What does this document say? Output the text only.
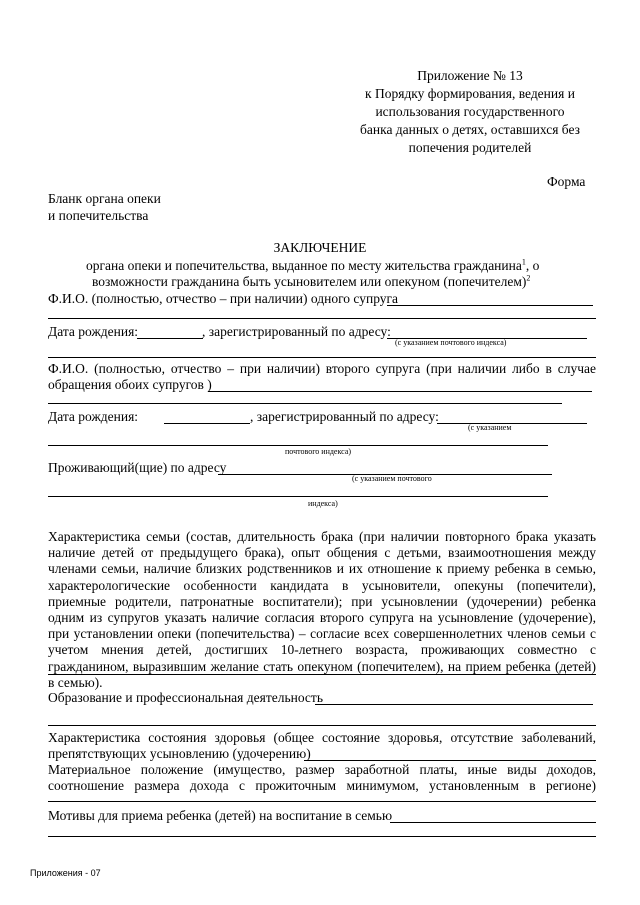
Приложение № 13
к Порядку формирования, ведения и
использования государственного
банка данных о детях, оставшихся без
попечения родителей
Форма
Бланк органа опеки
и попечительства
ЗАКЛЮЧЕНИЕ
органа опеки и попечительства, выданное по месту жительства гражданина$^1$, о
возможности гражданина быть усыновителем или опекуном (попечителем)$^2$
Ф.И.О. (полностью, отчество – при наличии) одного супруга
Дата рождения:	, зарегистрированный по адресу:
(с указанием почтового индекса)
Ф.И.О. (полностью, отчество – при наличии) второго супруга (при наличии либо в случае
обращения обоих супругов )
Дата рождения:	, зарегистрированный по адресу:
(с указанием
почтового индекса)
Проживающий(щие) по адресу
(с указанием почтового
индекса)
Характеристика семьи (состав, длительность брака (при наличии повторного брака указать наличие детей от предыдущего брака), опыт общения с детьми, взаимоотношения между членами семьи, наличие близких родственников и их отношение к приему ребенка в семью, характерологические особенности кандидата в усыновители, опекуны (попечители), приемные родители, патронатные воспитатели); при усыновлении (удочерении) ребенка одним из супругов указать наличие согласия второго супруга на усыновление (удочерение), при установлении опеки (попечительства) – согласие всех совершеннолетних членов семьи с учетом мнения детей, достигших 10-летнего возраста, проживающих совместно с гражданином, выразившим желание стать опекуном (попечителем), на прием ребенка (детей) в семью).
Образование и профессиональная деятельность
Характеристика состояния здоровья (общее состояние здоровья, отсутствие заболеваний,
препятствующих усыновлению (удочерению)
Материальное положение (имущество, размер заработной платы, иные виды доходов,
соотношение размера дохода с прожиточным минимумом, установленным в регионе)
Мотивы для приема ребенка (детей) на воспитание в семью
Приложения - 07
